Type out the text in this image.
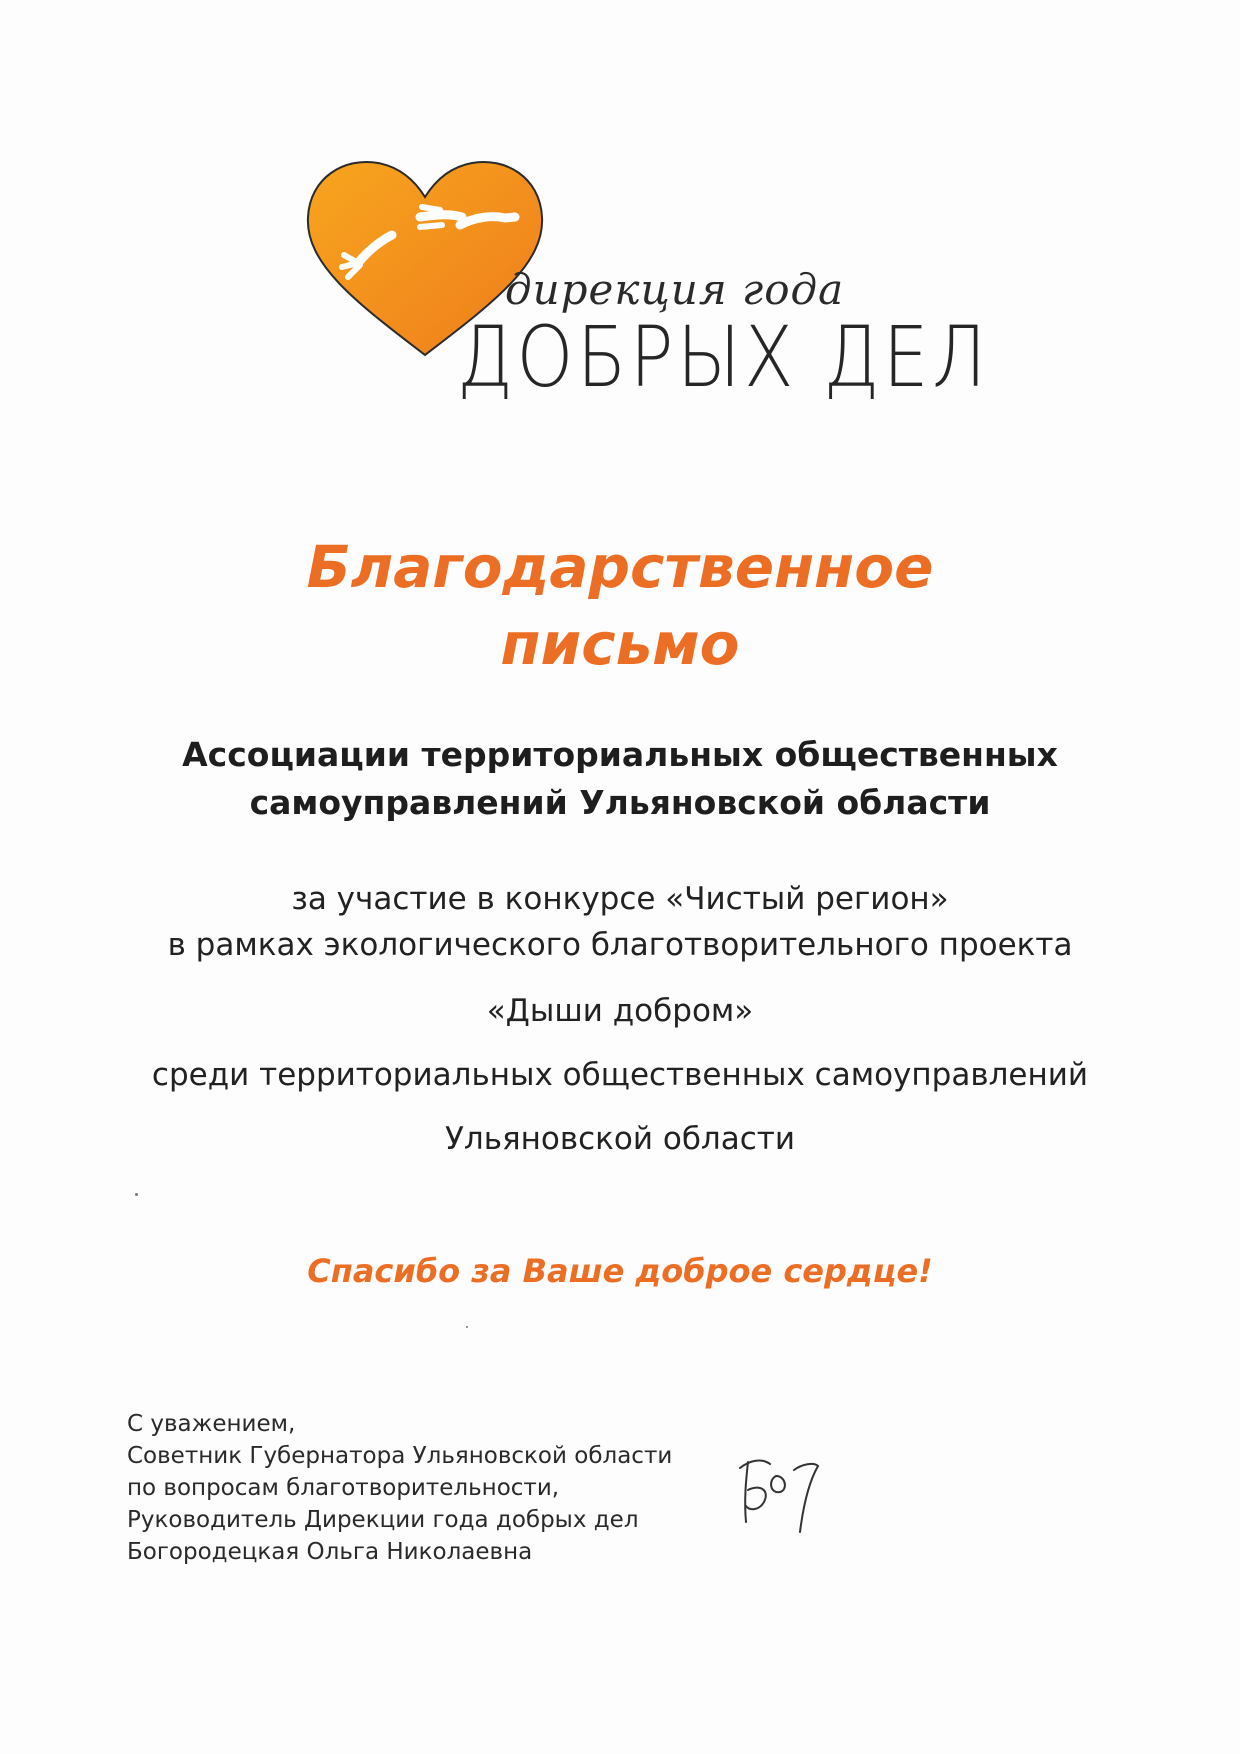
дирекция года
ДОБРЫХ ДЕЛ
Благодарственное
письмо
Ассоциации территориальных общественных
самоуправлений Ульяновской области
за участие в конкурсе «Чистый регион»
в рамках экологического благотворительного проекта
«Дыши добром»
среди территориальных общественных самоуправлений
Ульяновской области
Спасибо за Ваше доброе сердце!
С уважением,
Советник Губернатора Ульяновской области
по вопросам благотворительности,
Руководитель Дирекции года добрых дел
Богородецкая Ольга Николаевна
